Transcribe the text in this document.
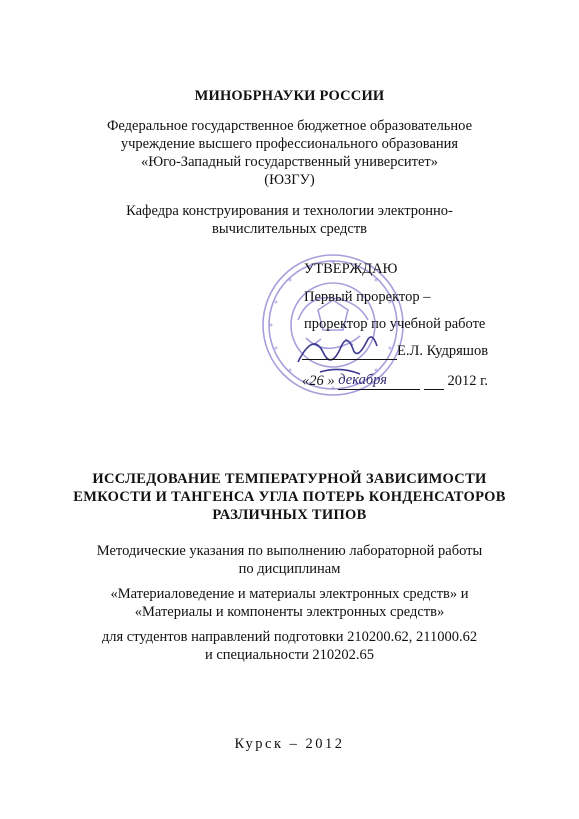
МИНОБРНАУКИ РОССИИ
Федеральное государственное бюджетное образовательное
учреждение высшего профессионального образования
«Юго-Западный государственный университет»
(ЮЗГУ)
Кафедра конструирования и технологии электронно-
вычислительных средств
УТВЕРЖДАЮ
Первый проректор –
проректор по учебной работе
Е.Л. Кудряшов
«26 » декабря	2012 г.
ИССЛЕДОВАНИЕ ТЕМПЕРАТУРНОЙ ЗАВИСИМОСТИ
ЕМКОСТИ И ТАНГЕНСА УГЛА ПОТЕРЬ КОНДЕНСАТОРОВ
РАЗЛИЧНЫХ ТИПОВ
Методические указания по выполнению лабораторной работы
по дисциплинам
«Материаловедение и материалы электронных средств» и
«Материалы и компоненты электронных средств»
для студентов направлений подготовки 210200.62, 211000.62
и специальности 210202.65
Курск – 2012
